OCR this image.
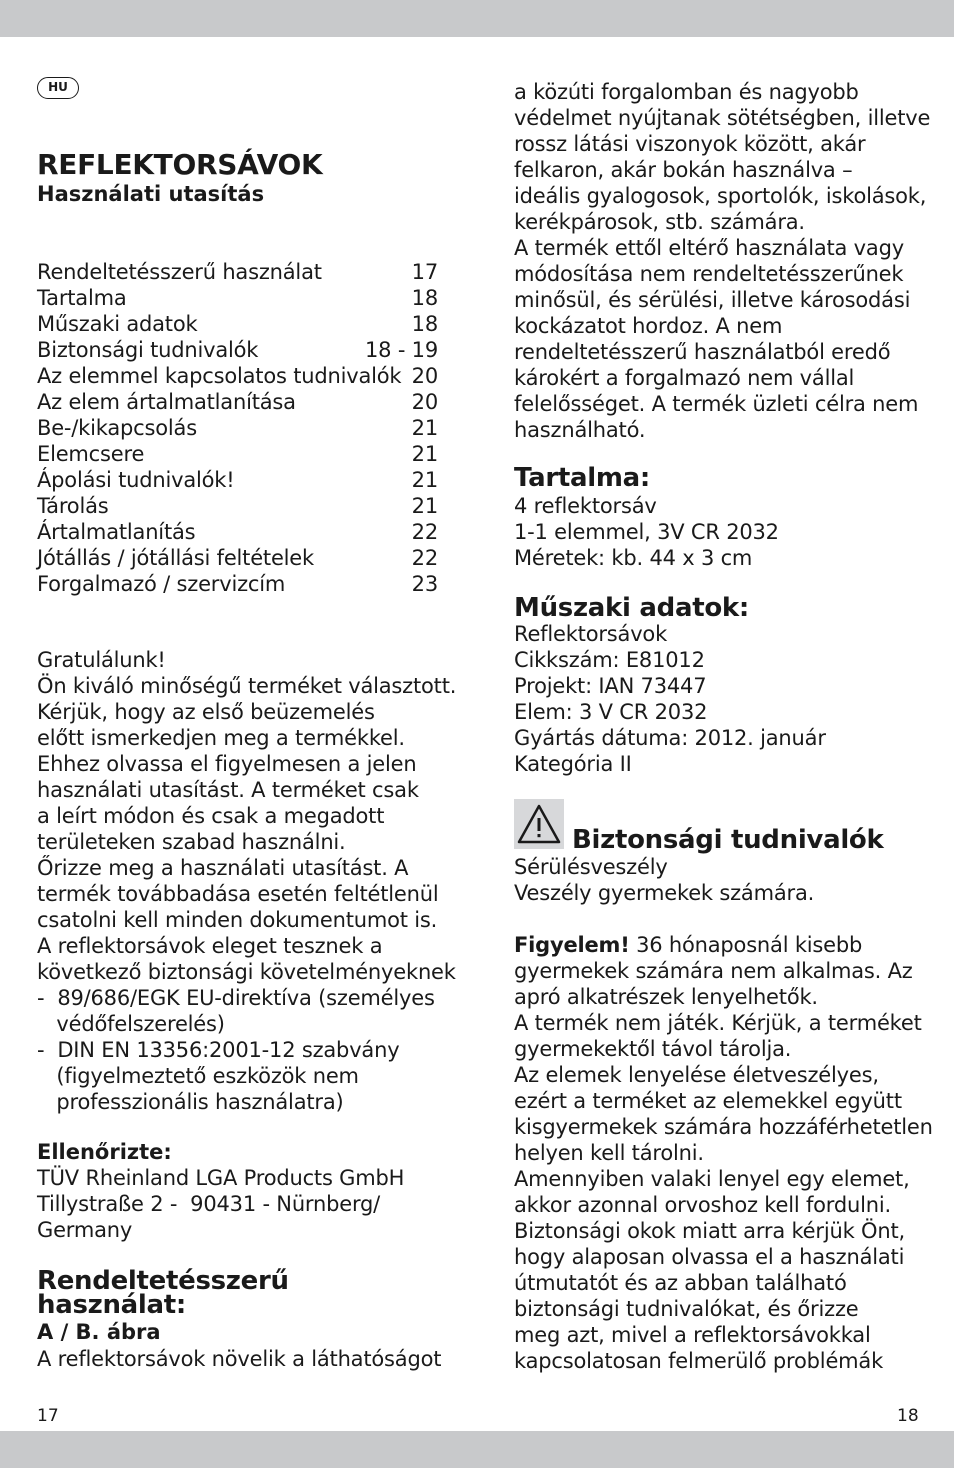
HU
REFLEKTORSÁVOK
Használati utasítás
Rendeltetésszerű használat	17
Tartalma	18
Műszaki adatok	18
Biztonsági tudnivalók	18 - 19
Az elemmel kapcsolatos tudnivalók 20
Az elem ártalmatlanítása	20
Be-/kikapcsolás	21
Elemcsere	21
Ápolási tudnivalók!	21
Tárolás	21
Ártalmatlanítás	22
Jótállás / jótállási feltételek	22
Forgalmazó / szervizcím	23
Gratulálunk!
Ön kiváló minőségű terméket választott.
Kérjük, hogy az első beüzemelés
előtt ismerkedjen meg a termékkel.
Ehhez olvassa el figyelmesen a jelen
használati utasítást. A terméket csak
a leírt módon és csak a megadott
területeken szabad használni.
Őrizze meg a használati utasítást. A
termék továbbadása esetén feltétlenül
csatolni kell minden dokumentumot is.
A reflektorsávok eleget tesznek a
következő biztonsági követelményeknek
-  89/686/EGK EU-direktíva (személyes
védőfelszerelés)
-  DIN EN 13356:2001-12 szabvány
(figyelmeztető eszközök nem
professzionális használatra)
Ellenőrizte:
TÜV Rheinland LGA Products GmbH
Tillystraße 2 -  90431 - Nürnberg/
Germany
Rendeltetésszerű
használat:
A / B. ábra
A reflektorsávok növelik a láthatóságot
a közúti forgalomban és nagyobb
védelmet nyújtanak sötétségben, illetve
rossz látási viszonyok között, akár
felkaron, akár bokán használva –
ideális gyalogosok, sportolók, iskolások,
kerékpárosok, stb. számára.
A termék ettől eltérő használata vagy
módosítása nem rendeltetésszerűnek
minősül, és sérülési, illetve károsodási
kockázatot hordoz. A nem
rendeltetésszerű használatból eredő
károkért a forgalmazó nem vállal
felelősséget. A termék üzleti célra nem
használható.
Tartalma:
4 reflektorsáv
1-1 elemmel, 3V CR 2032
Méretek: kb. 44 x 3 cm
Műszaki adatok:
Reflektorsávok
Cikkszám: E81012
Projekt: IAN 73447
Elem: 3 V CR 2032
Gyártás dátuma: 2012. január
Kategória II
Biztonsági tudnivalók
Sérülésveszély
Veszély gyermekek számára.
Figyelem! 36 hónaposnál kisebb
gyermekek számára nem alkalmas. Az
apró alkatrészek lenyelhetők.
A termék nem játék. Kérjük, a terméket
gyermekektől távol tárolja.
Az elemek lenyelése életveszélyes,
ezért a terméket az elemekkel együtt
kisgyermekek számára hozzáférhetetlen
helyen kell tárolni.
Amennyiben valaki lenyel egy elemet,
akkor azonnal orvoshoz kell fordulni.
Biztonsági okok miatt arra kérjük Önt,
hogy alaposan olvassa el a használati
útmutatót és az abban található
biztonsági tudnivalókat, és őrizze
meg azt, mivel a reflektorsávokkal
kapcsolatosan felmerülő problémák
17	18
